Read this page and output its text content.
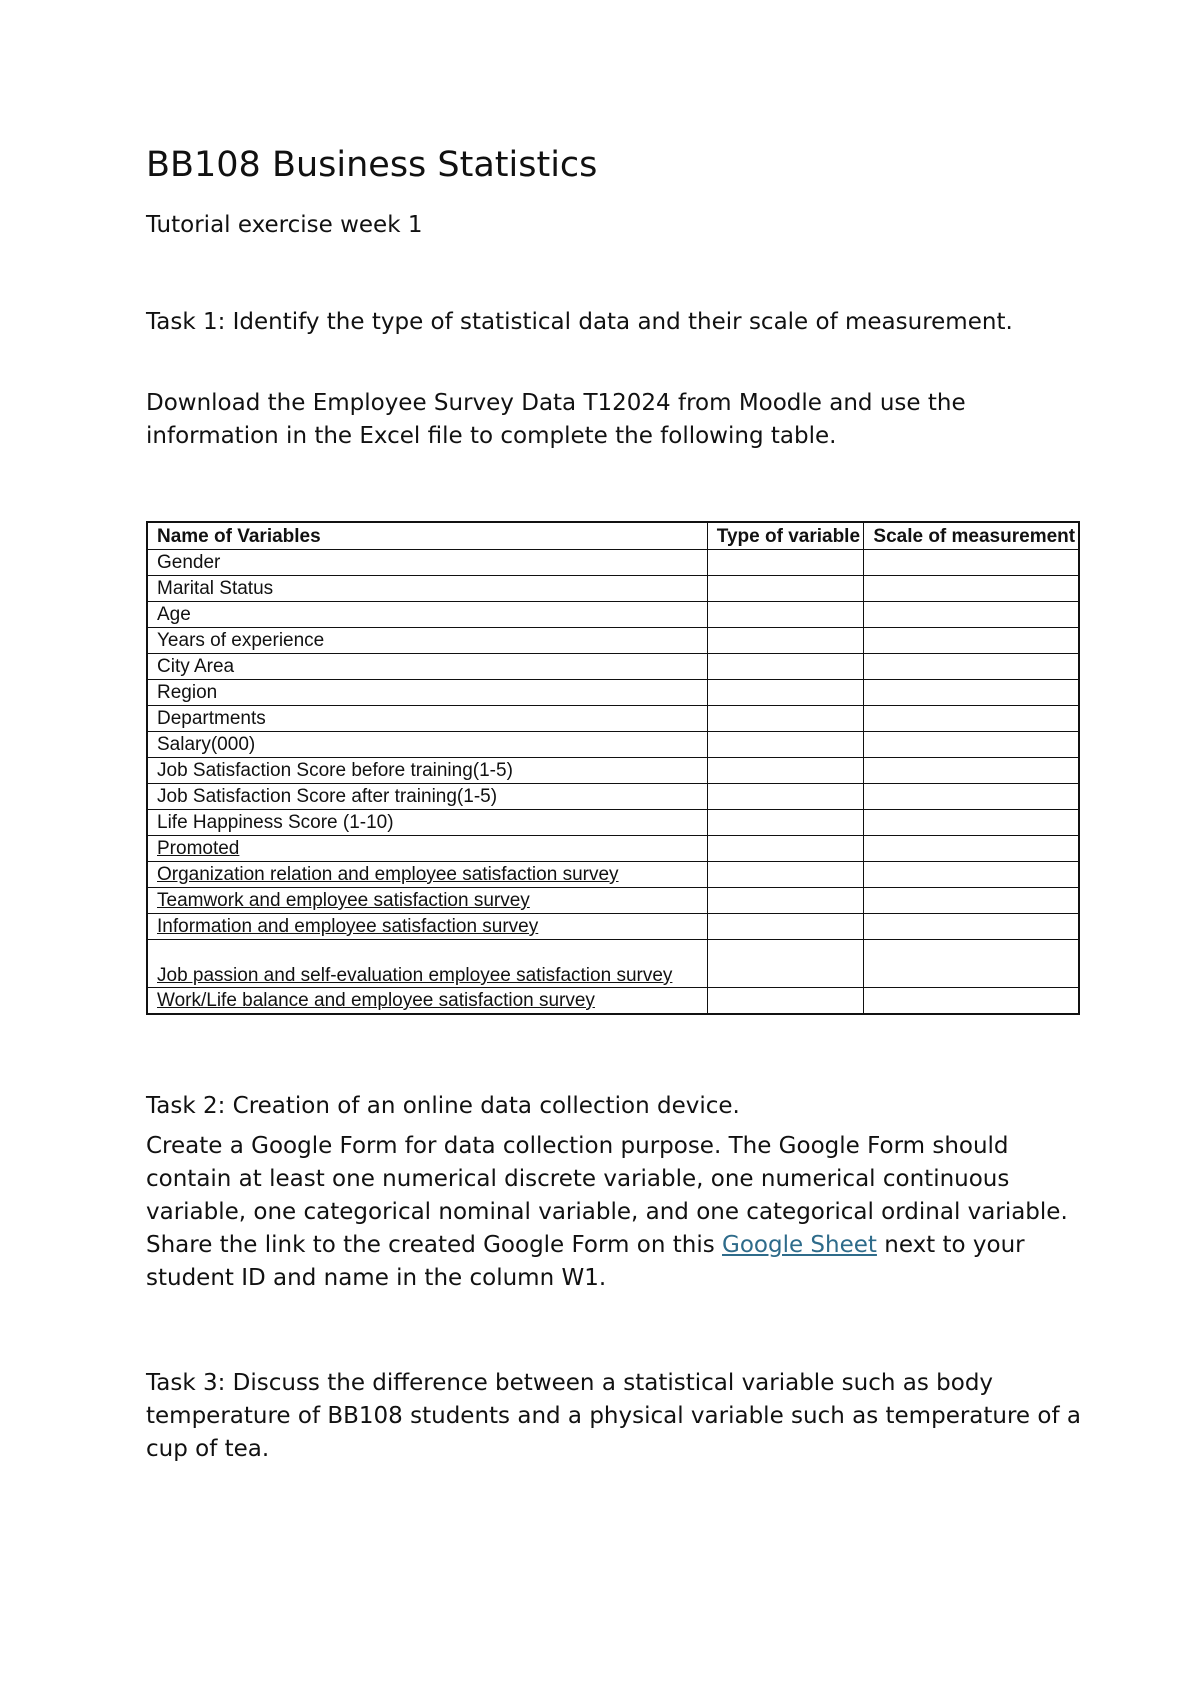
BB108 Business Statistics

Tutorial exercise week 1

Task 1: Identify the type of statistical data and their scale of measurement.

Download the Employee Survey Data T12024 from Moodle and use the information in the Excel file to complete the following table.

Name of Variables	Type of variable	Scale of measurement
Gender		
Marital Status		
Age		
Years of experience		
City Area		
Region		
Departments		
Salary(000)		
Job Satisfaction Score before training(1-5)		
Job Satisfaction Score after training(1-5)		
Life Happiness Score (1-10)		
Promoted		
Organization relation and employee satisfaction survey		
Teamwork and employee satisfaction survey		
Information and employee satisfaction survey		
Job passion and self-evaluation employee satisfaction survey		
Work/Life balance and employee satisfaction survey		

Task 2: Creation of an online data collection device.

Create a Google Form for data collection purpose. The Google Form should contain at least one numerical discrete variable, one numerical continuous variable, one categorical nominal variable, and one categorical ordinal variable. Share the link to the created Google Form on this Google Sheet next to your student ID and name in the column W1.

Task 3: Discuss the difference between a statistical variable such as body temperature of BB108 students and a physical variable such as temperature of a cup of tea.
